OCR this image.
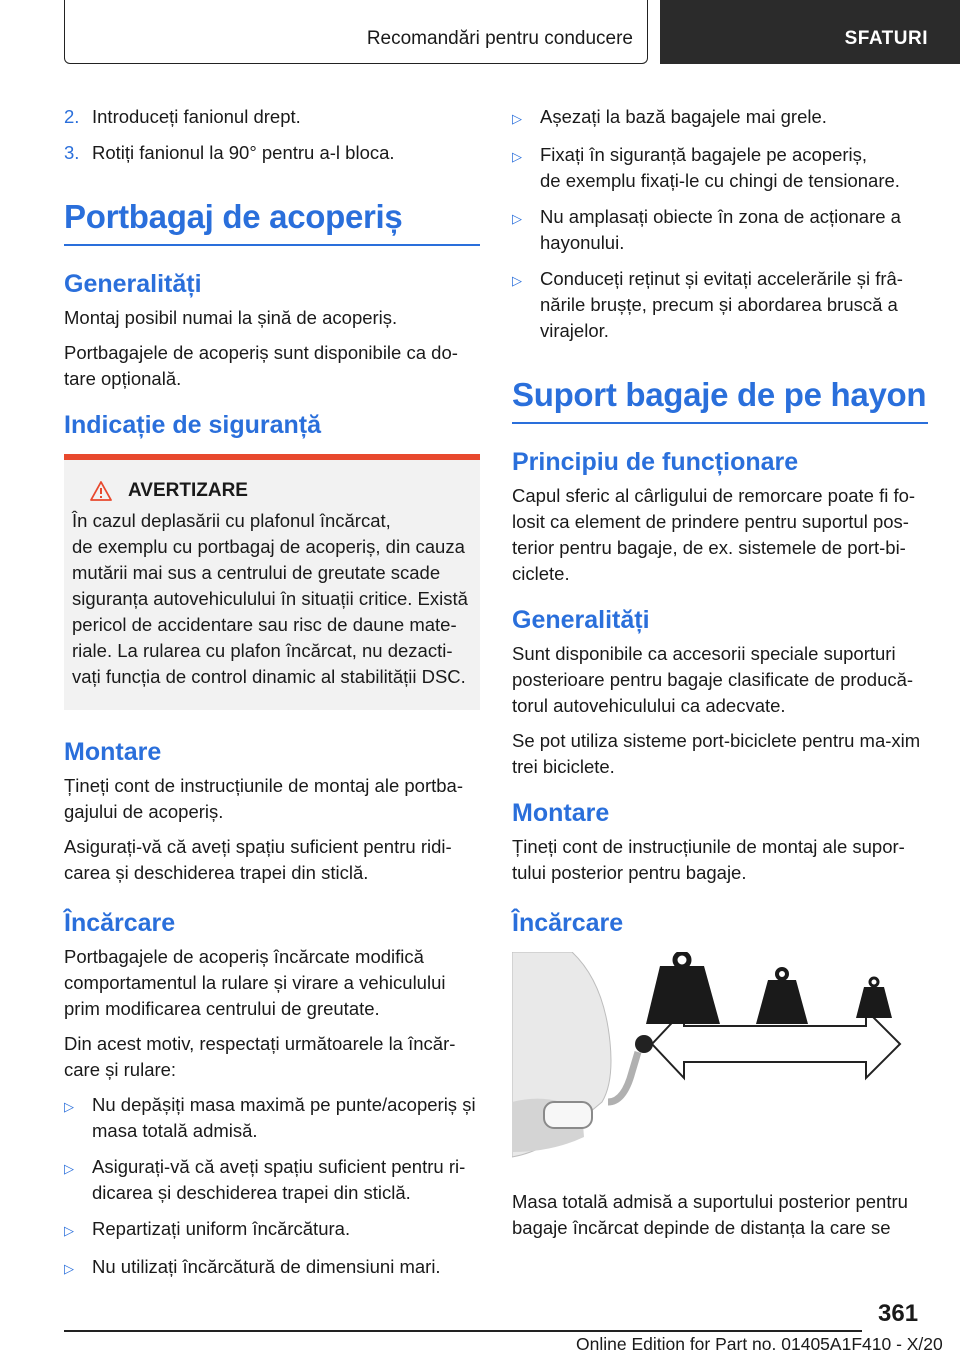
Recomandări pentru conducere	SFATURI
2. Introduceți fanionul drept.
3. Rotiți fanionul la 90° pentru a-l bloca.
Portbagaj de acoperiș
Generalități

Montaj posibil numai la șină de acoperiș.

Portbagajele de acoperiș sunt disponibile ca do-
tare opțională.

Indicație de siguranță
AVERTIZARE

În cazul deplasării cu plafonul încărcat,
de exemplu cu portbagaj de acoperiș, din cauza mutării mai sus a centrului de greutate scade siguranța autovehiculului în situații critice. Există pericol de accidentare sau risc de daune mate-riale. La rularea cu plafon încărcat, nu dezacti-vați funcția de control dinamic al stabilității DSC.

Montare

Țineți cont de instrucțiunile de montaj ale portba-gajului de acoperiș.

Asigurați-vă că aveți spațiu suficient pentru ridi-carea și deschiderea trapei din sticlă.

Încărcare

Portbagajele de acoperiș încărcate modifică comportamentul la rulare și virare a vehiculului prim modificarea centrului de greutate.

Din acest motiv, respectați următoarele la încăr-care și rulare:

▷ Nu depășiți masa maximă pe punte/acoperiș și masa totală admisă.
▷ Asigurați-vă că aveți spațiu suficient pentru ri-dicarea și deschiderea trapei din sticlă.
▷ Repartizați uniform încărcătura.
▷ Nu utilizați încărcătură de dimensiuni mari.
▷ Așezați la bază bagajele mai grele.
▷ Fixați în siguranță bagajele pe acoperiș,
de exemplu fixați-le cu chingi de tensionare.
▷ Nu amplasați obiecte în zona de acționare a hayonului.
▷ Conduceți reținut și evitați accelerările și frâ-nările brușțe, precum și abordarea bruscă a virajelor.
Suport bagaje de pe hayon
Principiu de funcționare

Capul sferic al cârligului de remorcare poate fi fo-losit ca element de prindere pentru suportul pos-terior pentru bagaje, de ex. sistemele de port-bi-ciclete.

Generalități

Sunt disponibile ca accesorii speciale suporturi posterioare pentru bagaje clasificate de producă-torul autovehiculului ca adecvate.

Se pot utiliza sisteme port-biciclete pentru ma-xim trei biciclete.

Montare

Țineți cont de instrucțiunile de montaj ale supor-tului posterior pentru bagaje.

Încărcare

Masa totală admisă a suportului posterior pentru bagaje încărcat depinde de distanța la care se

361
Online Edition for Part no. 01405A1F410 - X/20
